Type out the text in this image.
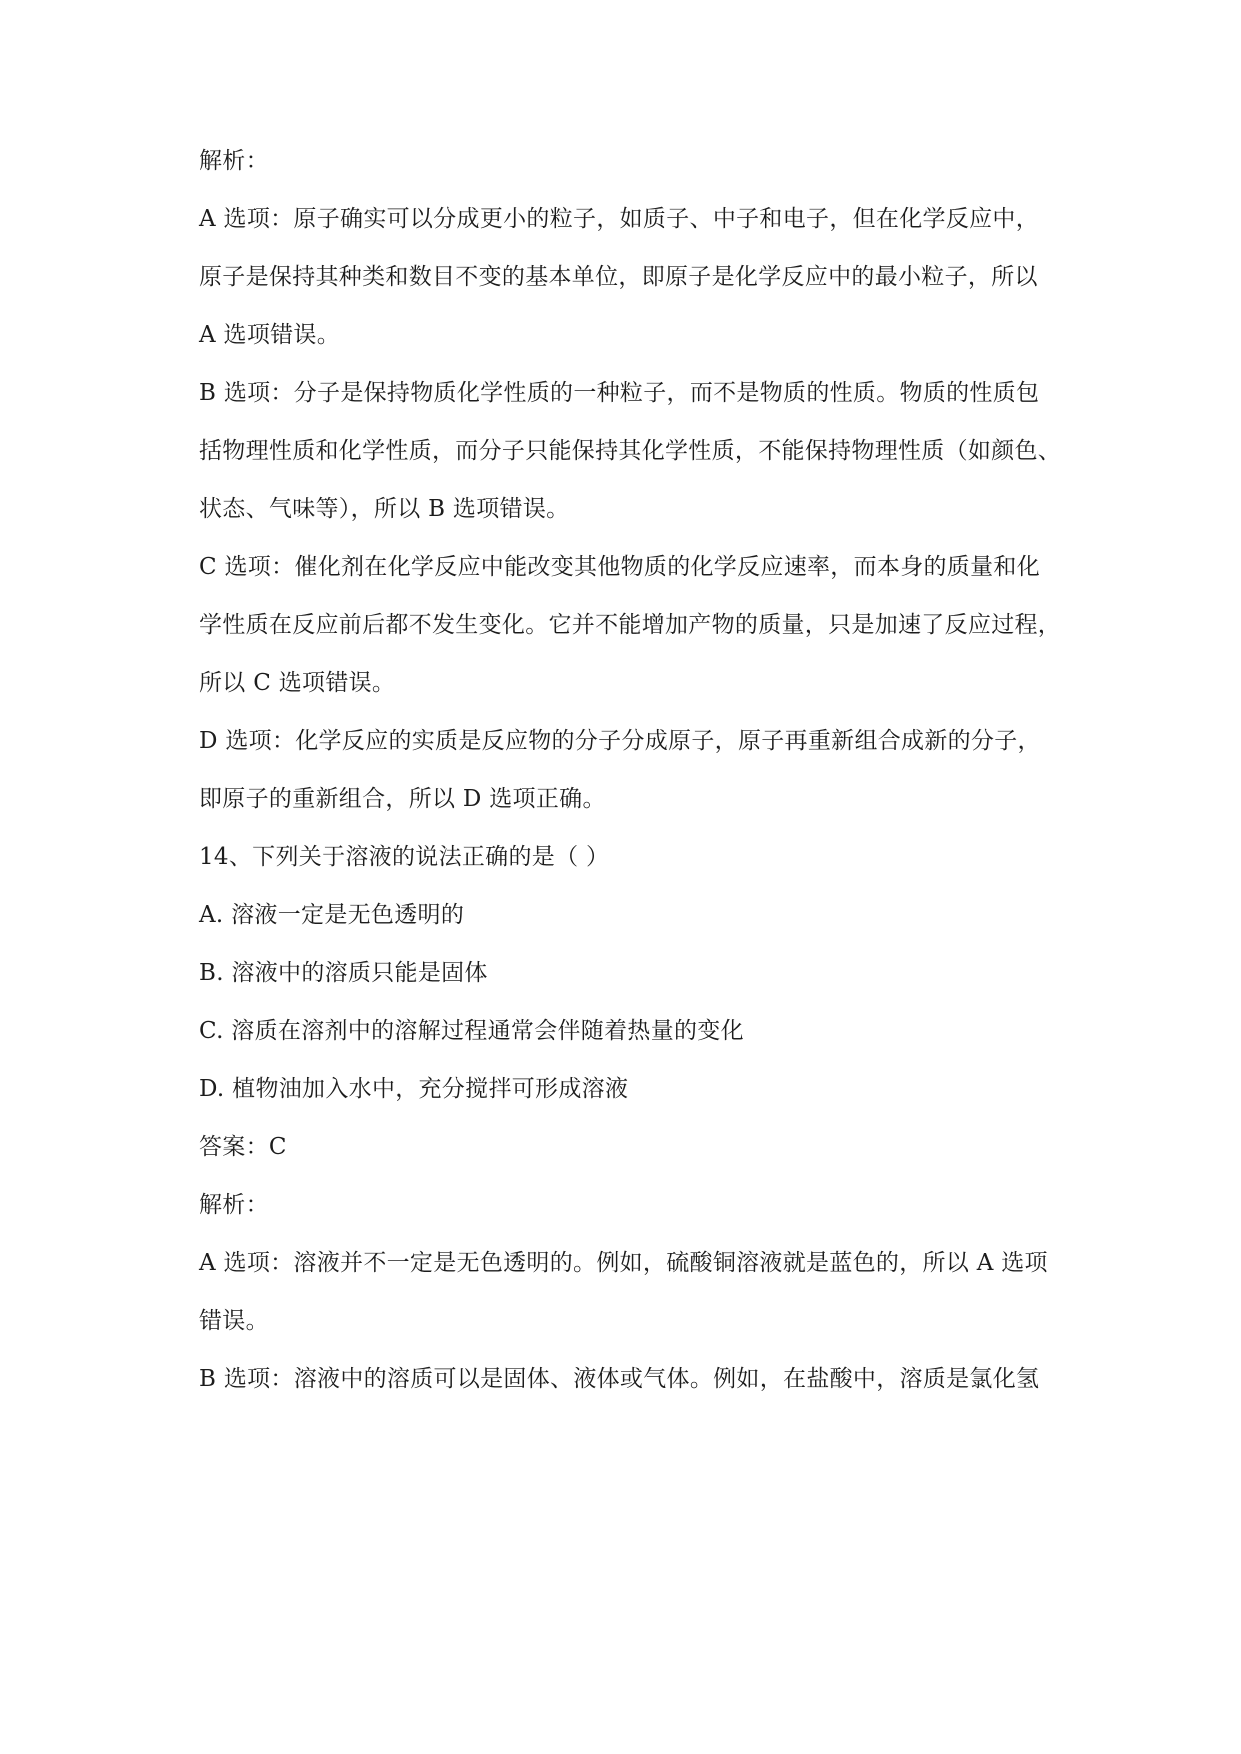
解析：
A 选项：原子确实可以分成更小的粒子，如质子、中子和电子，但在化学反应中，
原子是保持其种类和数目不变的基本单位，即原子是化学反应中的最小粒子，所以
A 选项错误。
B 选项：分子是保持物质化学性质的一种粒子，而不是物质的性质。物质的性质包
括物理性质和化学性质，而分子只能保持其化学性质，不能保持物理性质（如颜色、
状态、气味等），所以 B 选项错误。
C 选项：催化剂在化学反应中能改变其他物质的化学反应速率，而本身的质量和化
学性质在反应前后都不发生变化。它并不能增加产物的质量，只是加速了反应过程，
所以 C 选项错误。
D 选项：化学反应的实质是反应物的分子分成原子，原子再重新组合成新的分子，
即原子的重新组合，所以 D 选项正确。
14、下列关于溶液的说法正确的是（ ）
A. 溶液一定是无色透明的
B. 溶液中的溶质只能是固体
C. 溶质在溶剂中的溶解过程通常会伴随着热量的变化
D. 植物油加入水中，充分搅拌可形成溶液
答案：C
解析：
A 选项：溶液并不一定是无色透明的。例如，硫酸铜溶液就是蓝色的，所以 A 选项
错误。
B 选项：溶液中的溶质可以是固体、液体或气体。例如，在盐酸中，溶质是氯化氢
